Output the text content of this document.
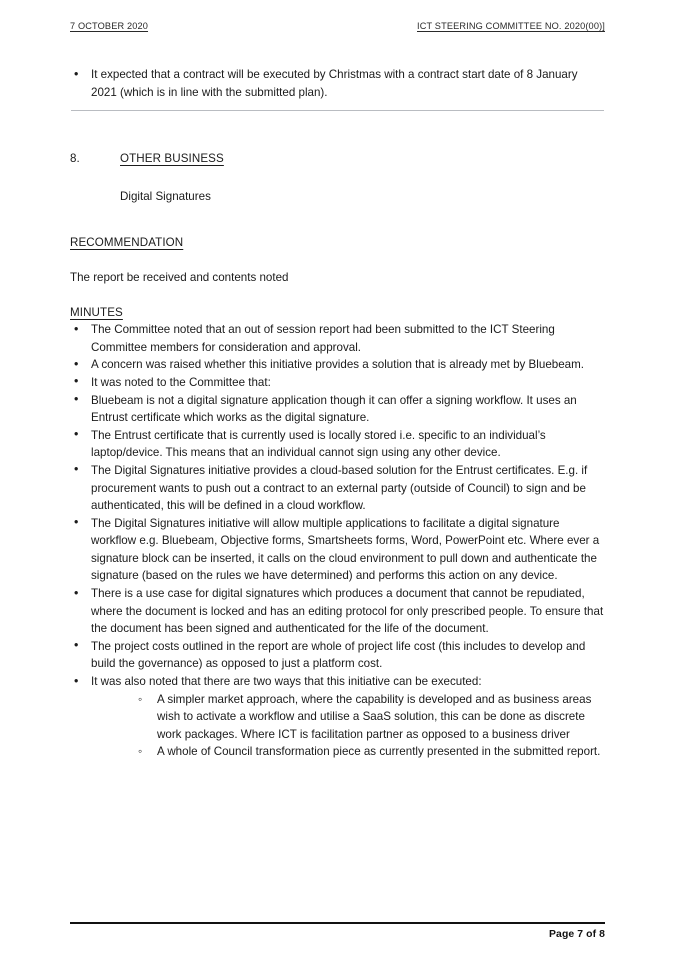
7 OCTOBER 2020	ICT STEERING COMMITTEE NO. 2020(00)]
• It expected that a contract will be executed by Christmas with a contract start date of 8 January 2021 (which is in line with the submitted plan).
8.	OTHER BUSINESS
Digital Signatures
RECOMMENDATION
The report be received and contents noted
MINUTES
• The Committee noted that an out of session report had been submitted to the ICT Steering Committee members for consideration and approval.
• A concern was raised whether this initiative provides a solution that is already met by Bluebeam.
• It was noted to the Committee that:
• Bluebeam is not a digital signature application though it can offer a signing workflow. It uses an Entrust certificate which works as the digital signature.
• The Entrust certificate that is currently used is locally stored i.e. specific to an individual’s laptop/device. This means that an individual cannot sign using any other device.
• The Digital Signatures initiative provides a cloud-based solution for the Entrust certificates. E.g. if procurement wants to push out a contract to an external party (outside of Council) to sign and be authenticated, this will be defined in a cloud workflow.
• The Digital Signatures initiative will allow multiple applications to facilitate a digital signature workflow e.g. Bluebeam, Objective forms, Smartsheets forms, Word, PowerPoint etc. Where ever a signature block can be inserted, it calls on the cloud environment to pull down and authenticate the signature (based on the rules we have determined) and performs this action on any device.
• There is a use case for digital signatures which produces a document that cannot be repudiated, where the document is locked and has an editing protocol for only prescribed people. To ensure that the document has been signed and authenticated for the life of the document.
• The project costs outlined in the report are whole of project life cost (this includes to develop and build the governance) as opposed to just a platform cost.
• It was also noted that there are two ways that this initiative can be executed:
◦ A simpler market approach, where the capability is developed and as business areas wish to activate a workflow and utilise a SaaS solution, this can be done as discrete work packages. Where ICT is facilitation partner as opposed to a business driver
◦ A whole of Council transformation piece as currently presented in the submitted report.
Page 7 of 8
